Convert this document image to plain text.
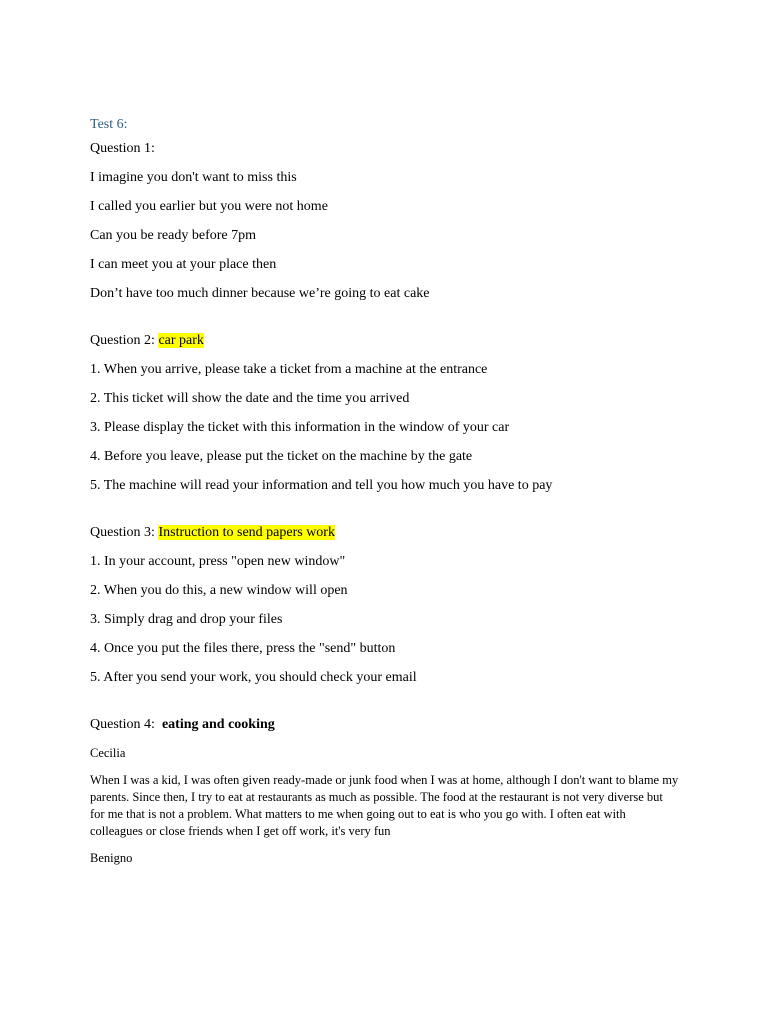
Test 6:

Question 1:

I imagine you don't want to miss this

I called you earlier but you were not home

Can you be ready before 7pm

I can meet you at your place then

Don’t have too much dinner because we’re going to eat cake

Question 2: car park

1. When you arrive, please take a ticket from a machine at the entrance

2. This ticket will show the date and the time you arrived

3. Please display the ticket with this information in the window of your car

4. Before you leave, please put the ticket on the machine by the gate

5. The machine will read your information and tell you how much you have to pay

Question 3: Instruction to send papers work

1. In your account, press "open new window"

2. When you do this, a new window will open

3. Simply drag and drop your files

4. Once you put the files there, press the "send" button

5. After you send your work, you should check your email

Question 4:  eating and cooking

Cecilia

When I was a kid, I was often given ready-made or junk food when I was at home, although I don't want to blame my parents. Since then, I try to eat at restaurants as much as possible. The food at the restaurant is not very diverse but for me that is not a problem. What matters to me when going out to eat is who you go with. I often eat with colleagues or close friends when I get off work, it's very fun

Benigno
